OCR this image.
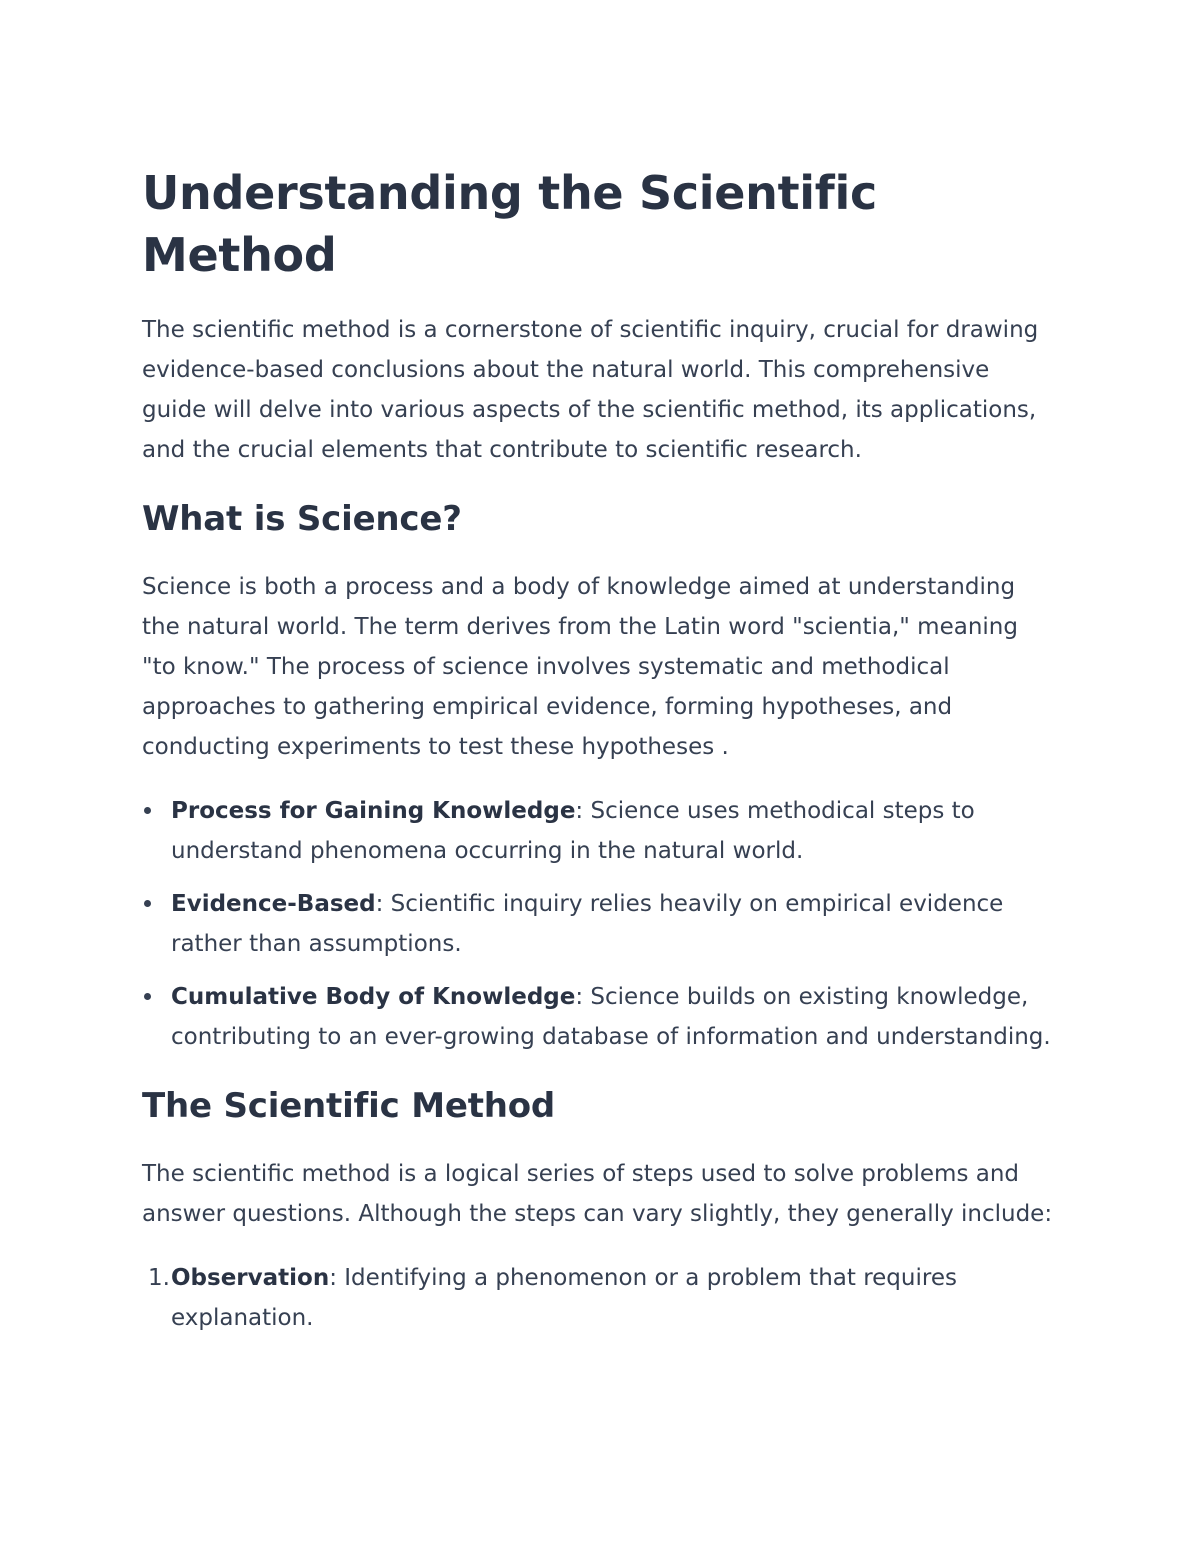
Understanding the Scientific Method

The scientific method is a cornerstone of scientific inquiry, crucial for drawing evidence-based conclusions about the natural world. This comprehensive guide will delve into various aspects of the scientific method, its applications, and the crucial elements that contribute to scientific research.

What is Science?

Science is both a process and a body of knowledge aimed at understanding the natural world. The term derives from the Latin word "scientia," meaning "to know." The process of science involves systematic and methodical approaches to gathering empirical evidence, forming hypotheses, and conducting experiments to test these hypotheses .

Process for Gaining Knowledge: Science uses methodical steps to understand phenomena occurring in the natural world.
Evidence-Based: Scientific inquiry relies heavily on empirical evidence rather than assumptions.
Cumulative Body of Knowledge: Science builds on existing knowledge, contributing to an ever-growing database of information and understanding.
The Scientific Method

The scientific method is a logical series of steps used to solve problems and answer questions. Although the steps can vary slightly, they generally include:

1. Observation: Identifying a phenomenon or a problem that requires explanation.
